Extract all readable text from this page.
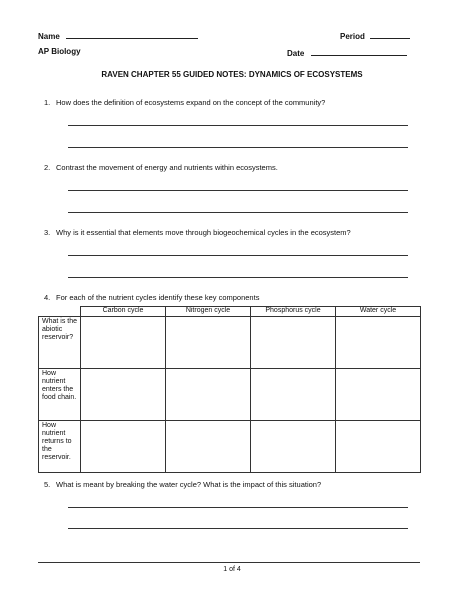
Name	Period
AP Biology	Date
RAVEN CHAPTER 55 GUIDED NOTES: DYNAMICS OF ECOSYSTEMS
1. How does the definition of ecosystems expand on the concept of the community?
2. Contrast the movement of energy and nutrients within ecosystems.
3. Why is it essential that elements move through biogeochemical cycles in the ecosystem?
4. For each of the nutrient cycles identify these key components
	Carbon cycle	Nitrogen cycle	Phosphorus cycle	Water cycle
What is the abiotic reservoir?				
How nutrient enters the food chain.				
How nutrient returns to the reservoir.				
5. What is meant by breaking the water cycle? What is the impact of this situation?
1 of 4
